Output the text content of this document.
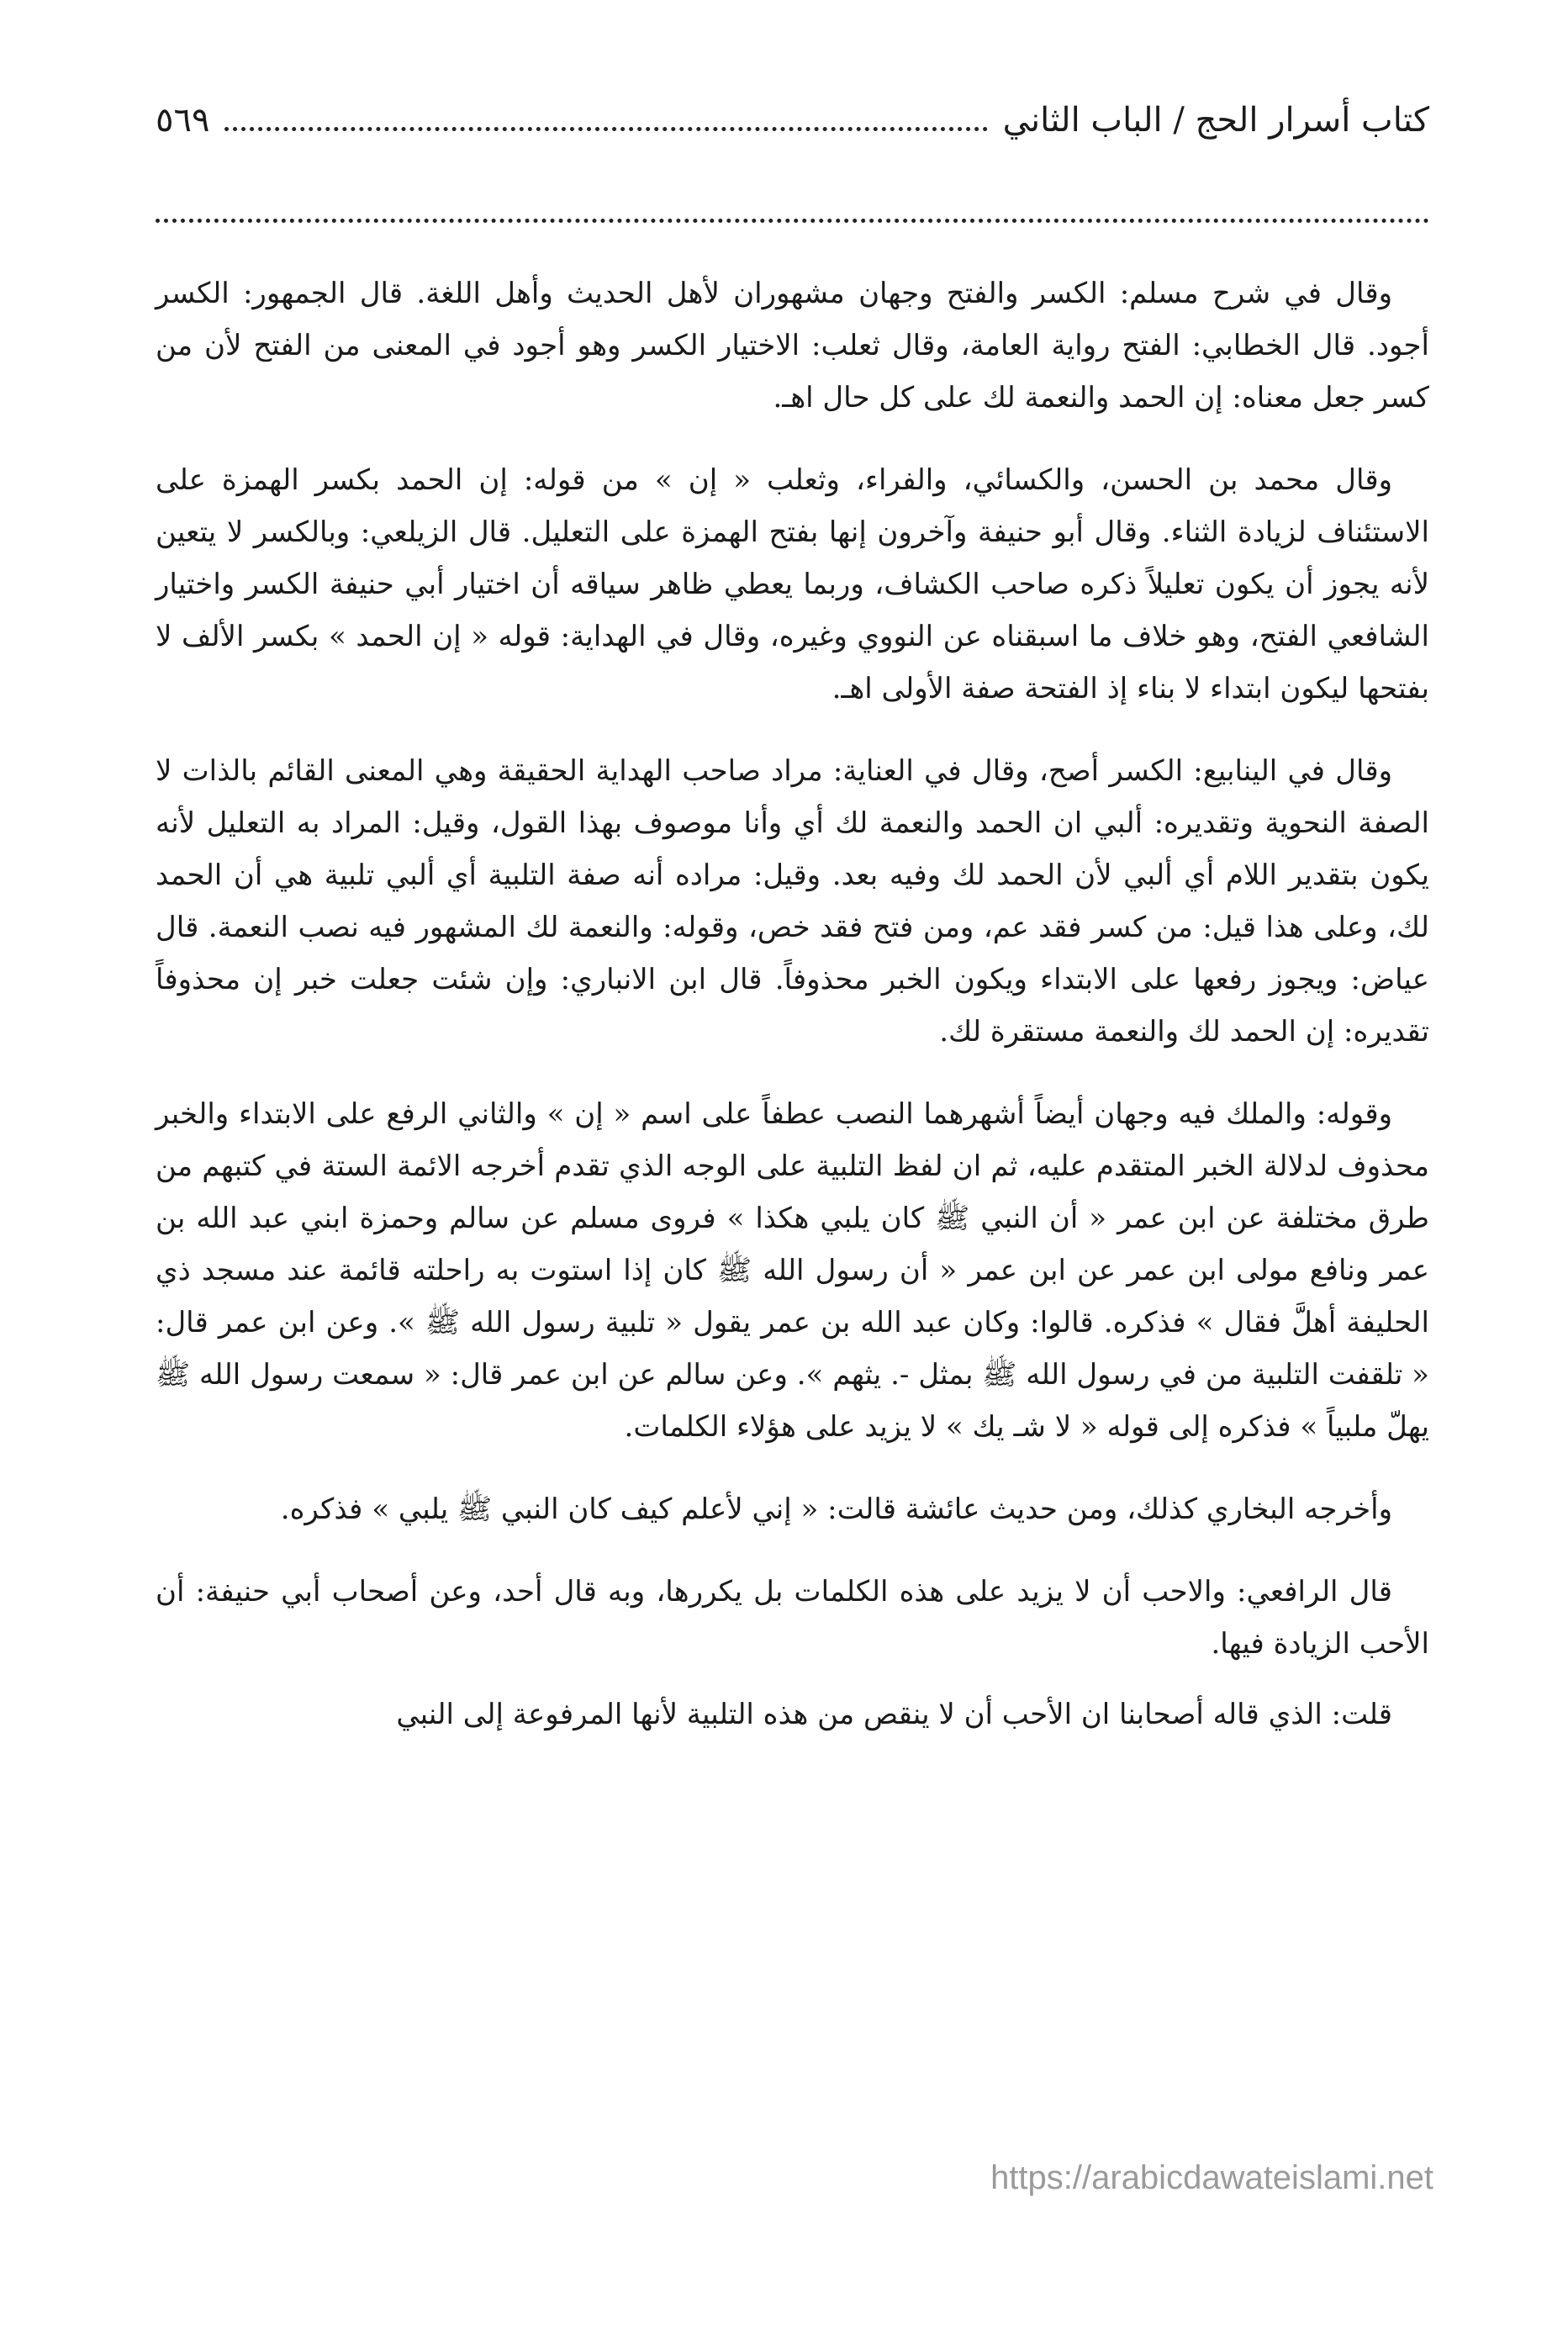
كتاب أسرار الحج / الباب الثاني
٥٦٩

وقال في شرح مسلم: الكسر والفتح وجهان مشهوران لأهل الحديث وأهل اللغة. قال الجمهور: الكسر أجود. قال الخطابي: الفتح رواية العامة، وقال ثعلب: الاختيار الكسر وهو أجود في المعنى من الفتح لأن من كسر جعل معناه: إن الحمد والنعمة لك على كل حال اهـ.

وقال محمد بن الحسن، والكسائي، والفراء، وثعلب « إن » من قوله: إن الحمد بكسر الهمزة على الاستئناف لزيادة الثناء. وقال أبو حنيفة وآخرون إنها بفتح الهمزة على التعليل. قال الزيلعي: وبالكسر لا يتعين لأنه يجوز أن يكون تعليلاً ذكره صاحب الكشاف، وربما يعطي ظاهر سياقه أن اختيار أبي حنيفة الكسر واختيار الشافعي الفتح، وهو خلاف ما اسبقناه عن النووي وغيره، وقال في الهداية: قوله « إن الحمد » بكسر الألف لا بفتحها ليكون ابتداء لا بناء إذ الفتحة صفة الأولى اهـ.

وقال في الينابيع: الكسر أصح، وقال في العناية: مراد صاحب الهداية الحقيقة وهي المعنى القائم بالذات لا الصفة النحوية وتقديره: ألبي ان الحمد والنعمة لك أي وأنا موصوف بهذا القول، وقيل: المراد به التعليل لأنه يكون بتقدير اللام أي ألبي لأن الحمد لك وفيه بعد. وقيل: مراده أنه صفة التلبية أي ألبي تلبية هي أن الحمد لك، وعلى هذا قيل: من كسر فقد عم، ومن فتح فقد خص، وقوله: والنعمة لك المشهور فيه نصب النعمة. قال عياض: ويجوز رفعها على الابتداء ويكون الخبر محذوفاً. قال ابن الانباري: وإن شئت جعلت خبر إن محذوفاً تقديره: إن الحمد لك والنعمة مستقرة لك.

وقوله: والملك فيه وجهان أيضاً أشهرهما النصب عطفاً على اسم « إن » والثاني الرفع على الابتداء والخبر محذوف لدلالة الخبر المتقدم عليه، ثم ان لفظ التلبية على الوجه الذي تقدم أخرجه الائمة الستة في كتبهم من طرق مختلفة عن ابن عمر « أن النبي ﷺ كان يلبي هكذا » فروى مسلم عن سالم وحمزة ابني عبد الله بن عمر ونافع مولى ابن عمر عن ابن عمر « أن رسول الله ﷺ كان إذا استوت به راحلته قائمة عند مسجد ذي الحليفة أهلَّ فقال » فذكره. قالوا: وكان عبد الله بن عمر يقول « تلبية رسول الله ﷺ ». وعن ابن عمر قال: « تلقفت التلبية من في رسول الله ﷺ بمثل -. يثهم ». وعن سالم عن ابن عمر قال: « سمعت رسول الله ﷺ يهلّ ملبياً » فذكره إلى قوله « لا شـ يك » لا يزيد على هؤلاء الكلمات.

وأخرجه البخاري كذلك، ومن حديث عائشة قالت: « إني لأعلم كيف كان النبي ﷺ يلبي » فذكره.

قال الرافعي: والاحب أن لا يزيد على هذه الكلمات بل يكررها، وبه قال أحد، وعن أصحاب أبي حنيفة: أن الأحب الزيادة فيها.

قلت: الذي قاله أصحابنا ان الأحب أن لا ينقص من هذه التلبية لأنها المرفوعة إلى النبي

https://arabicdawateislami.net
